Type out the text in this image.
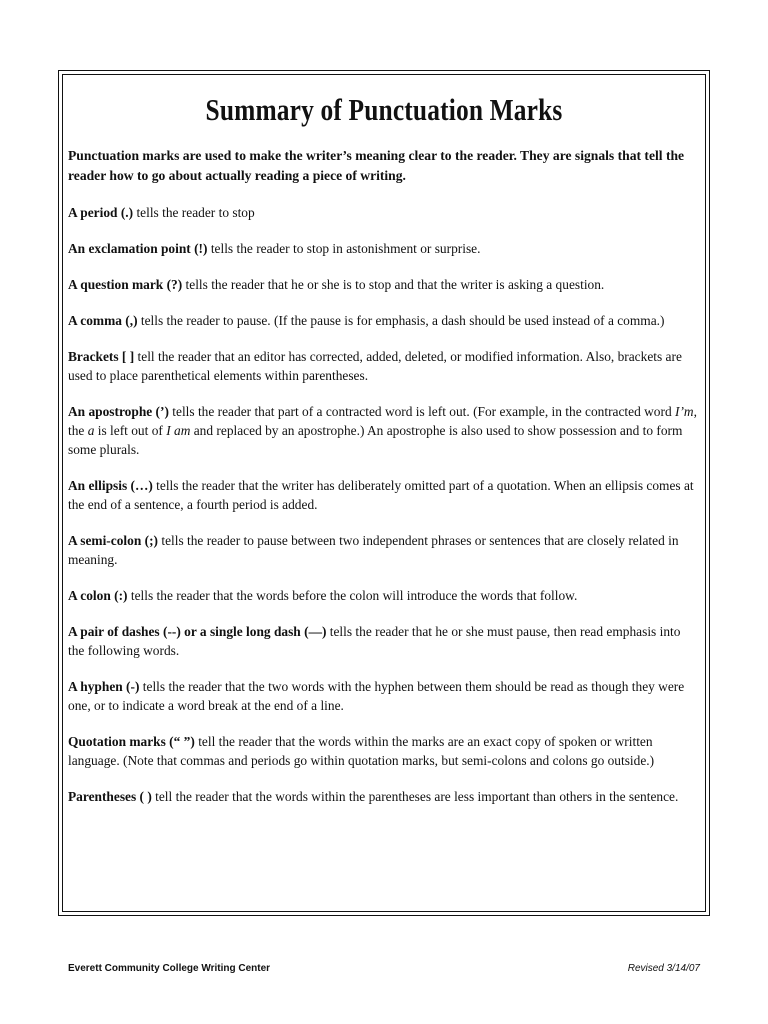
Summary of Punctuation Marks

Punctuation marks are used to make the writer’s meaning clear to the reader. They are signals that tell the reader how to go about actually reading a piece of writing.

A period (.) tells the reader to stop

An exclamation point (!) tells the reader to stop in astonishment or surprise.

A question mark (?) tells the reader that he or she is to stop and that the writer is asking a question.

A comma (,) tells the reader to pause. (If the pause is for emphasis, a dash should be used instead of a comma.)

Brackets [ ] tell the reader that an editor has corrected, added, deleted, or modified information. Also, brackets are used to place parenthetical elements within parentheses.

An apostrophe (’) tells the reader that part of a contracted word is left out. (For example, in the contracted word I’m, the a is left out of I am and replaced by an apostrophe.) An apostrophe is also used to show possession and to form some plurals.

An ellipsis (…) tells the reader that the writer has deliberately omitted part of a quotation. When an ellipsis comes at the end of a sentence, a fourth period is added.

A semi-colon (;) tells the reader to pause between two independent phrases or sentences that are closely related in meaning.

A colon (:) tells the reader that the words before the colon will introduce the words that follow.

A pair of dashes (--) or a single long dash (—) tells the reader that he or she must pause, then read emphasis into the following words.

A hyphen (-) tells the reader that the two words with the hyphen between them should be read as though they were one, or to indicate a word break at the end of a line.

Quotation marks (“ ”) tell the reader that the words within the marks are an exact copy of spoken or written language. (Note that commas and periods go within quotation marks, but semi-colons and colons go outside.)

Parentheses ( ) tell the reader that the words within the parentheses are less important than others in the sentence.

Everett Community College Writing Center	Revised 3/14/07
